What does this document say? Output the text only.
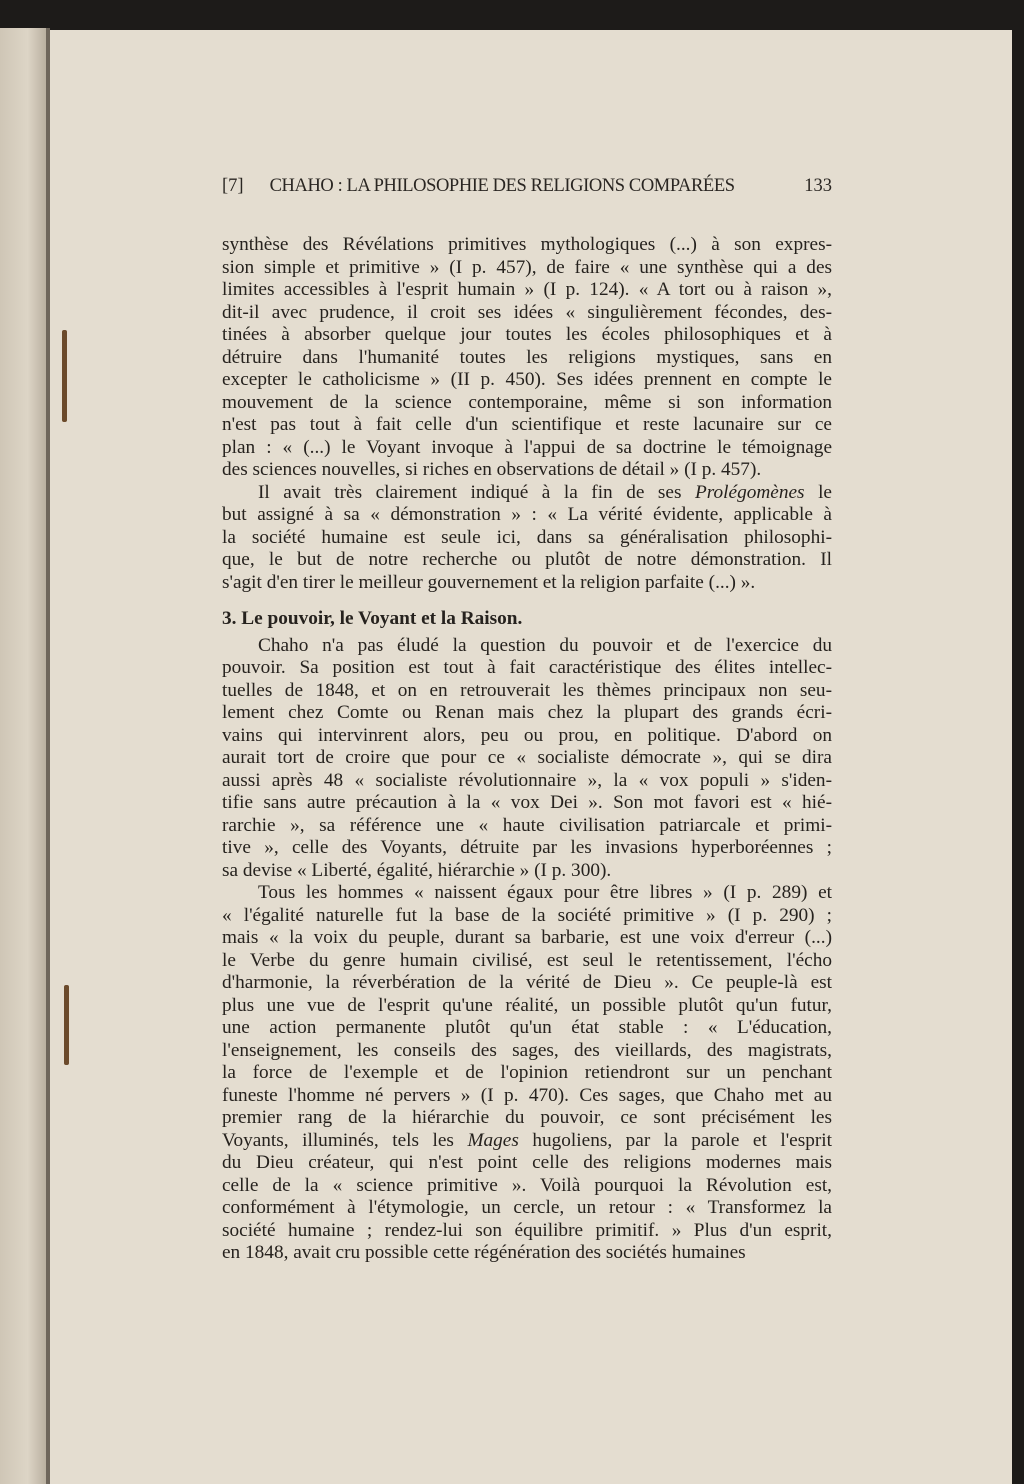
[7] CHAHO : LA PHILOSOPHIE DES RELIGIONS COMPARÉES	133
synthèse des Révélations primitives mythologiques (...) à son expres-
sion simple et primitive » (I p. 457), de faire « une synthèse qui a des
limites accessibles à l'esprit humain » (I p. 124). « A tort ou à raison »,
dit-il avec prudence, il croit ses idées « singulièrement fécondes, des-
tinées à absorber quelque jour toutes les écoles philosophiques et à
détruire dans l'humanité toutes les religions mystiques, sans en
excepter le catholicisme » (II p. 450). Ses idées prennent en compte le
mouvement de la science contemporaine, même si son information
n'est pas tout à fait celle d'un scientifique et reste lacunaire sur ce
plan : « (...) le Voyant invoque à l'appui de sa doctrine le témoignage
des sciences nouvelles, si riches en observations de détail » (I p. 457).
Il avait très clairement indiqué à la fin de ses Prolégomènes le
but assigné à sa « démonstration » : « La vérité évidente, applicable à
la société humaine est seule ici, dans sa généralisation philosophi-
que, le but de notre recherche ou plutôt de notre démonstration. Il
s'agit d'en tirer le meilleur gouvernement et la religion parfaite (...) ».
3. Le pouvoir, le Voyant et la Raison.
Chaho n'a pas éludé la question du pouvoir et de l'exercice du
pouvoir. Sa position est tout à fait caractéristique des élites intellec-
tuelles de 1848, et on en retrouverait les thèmes principaux non seu-
lement chez Comte ou Renan mais chez la plupart des grands écri-
vains qui intervinrent alors, peu ou prou, en politique. D'abord on
aurait tort de croire que pour ce « socialiste démocrate », qui se dira
aussi après 48 « socialiste révolutionnaire », la « vox populi » s'iden-
tifie sans autre précaution à la « vox Dei ». Son mot favori est « hié-
rarchie », sa référence une « haute civilisation patriarcale et primi-
tive », celle des Voyants, détruite par les invasions hyperboréennes ;
sa devise « Liberté, égalité, hiérarchie » (I p. 300).
Tous les hommes « naissent égaux pour être libres » (I p. 289) et
« l'égalité naturelle fut la base de la société primitive » (I p. 290) ;
mais « la voix du peuple, durant sa barbarie, est une voix d'erreur (...)
le Verbe du genre humain civilisé, est seul le retentissement, l'écho
d'harmonie, la réverbération de la vérité de Dieu ». Ce peuple-là est
plus une vue de l'esprit qu'une réalité, un possible plutôt qu'un futur,
une action permanente plutôt qu'un état stable : « L'éducation,
l'enseignement, les conseils des sages, des vieillards, des magistrats,
la force de l'exemple et de l'opinion retiendront sur un penchant
funeste l'homme né pervers » (I p. 470). Ces sages, que Chaho met au
premier rang de la hiérarchie du pouvoir, ce sont précisément les
Voyants, illuminés, tels les Mages hugoliens, par la parole et l'esprit
du Dieu créateur, qui n'est point celle des religions modernes mais
celle de la « science primitive ». Voilà pourquoi la Révolution est,
conformément à l'étymologie, un cercle, un retour : « Transformez la
société humaine ; rendez-lui son équilibre primitif. » Plus d'un esprit,
en 1848, avait cru possible cette régénération des sociétés humaines
